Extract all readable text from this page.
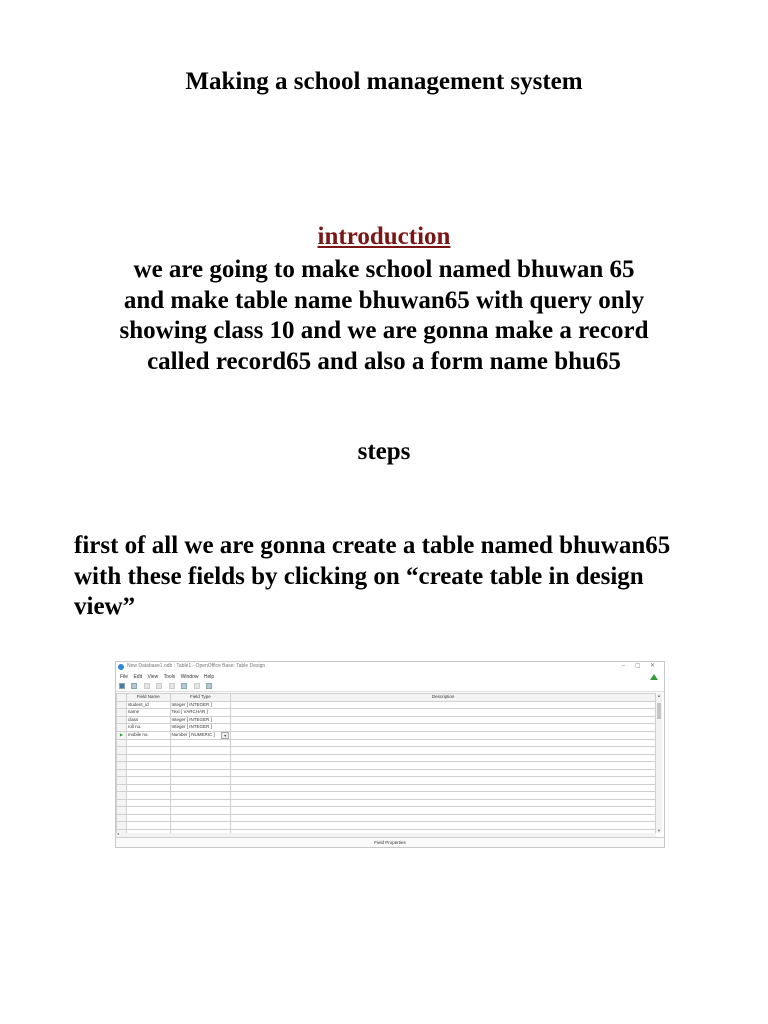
Making a school management system
introduction
we are going to make school named bhuwan 65
and make table name bhuwan65 with query only
showing class 10 and we are gonna make a record
called record65 and also a form name bhu65
steps

first of all we are gonna create a table named bhuwan65

with these fields by clicking on “create table in design view”

New Database1.odb : Table1 - OpenOffice Base: Table Design	– ▢ ✕
File Edit View Tools Window Help

	Field Name	Field Type	Description
	student_id	Integer [ INTEGER ]	
	name	Text [ VARCHAR ]	
	class	Integer [ INTEGER ]	
	roll no.	Integer [ INTEGER ]	
▶	mobile no.	Number [ NUMERIC ] ▾	

▲
▼
◂
Field Properties
